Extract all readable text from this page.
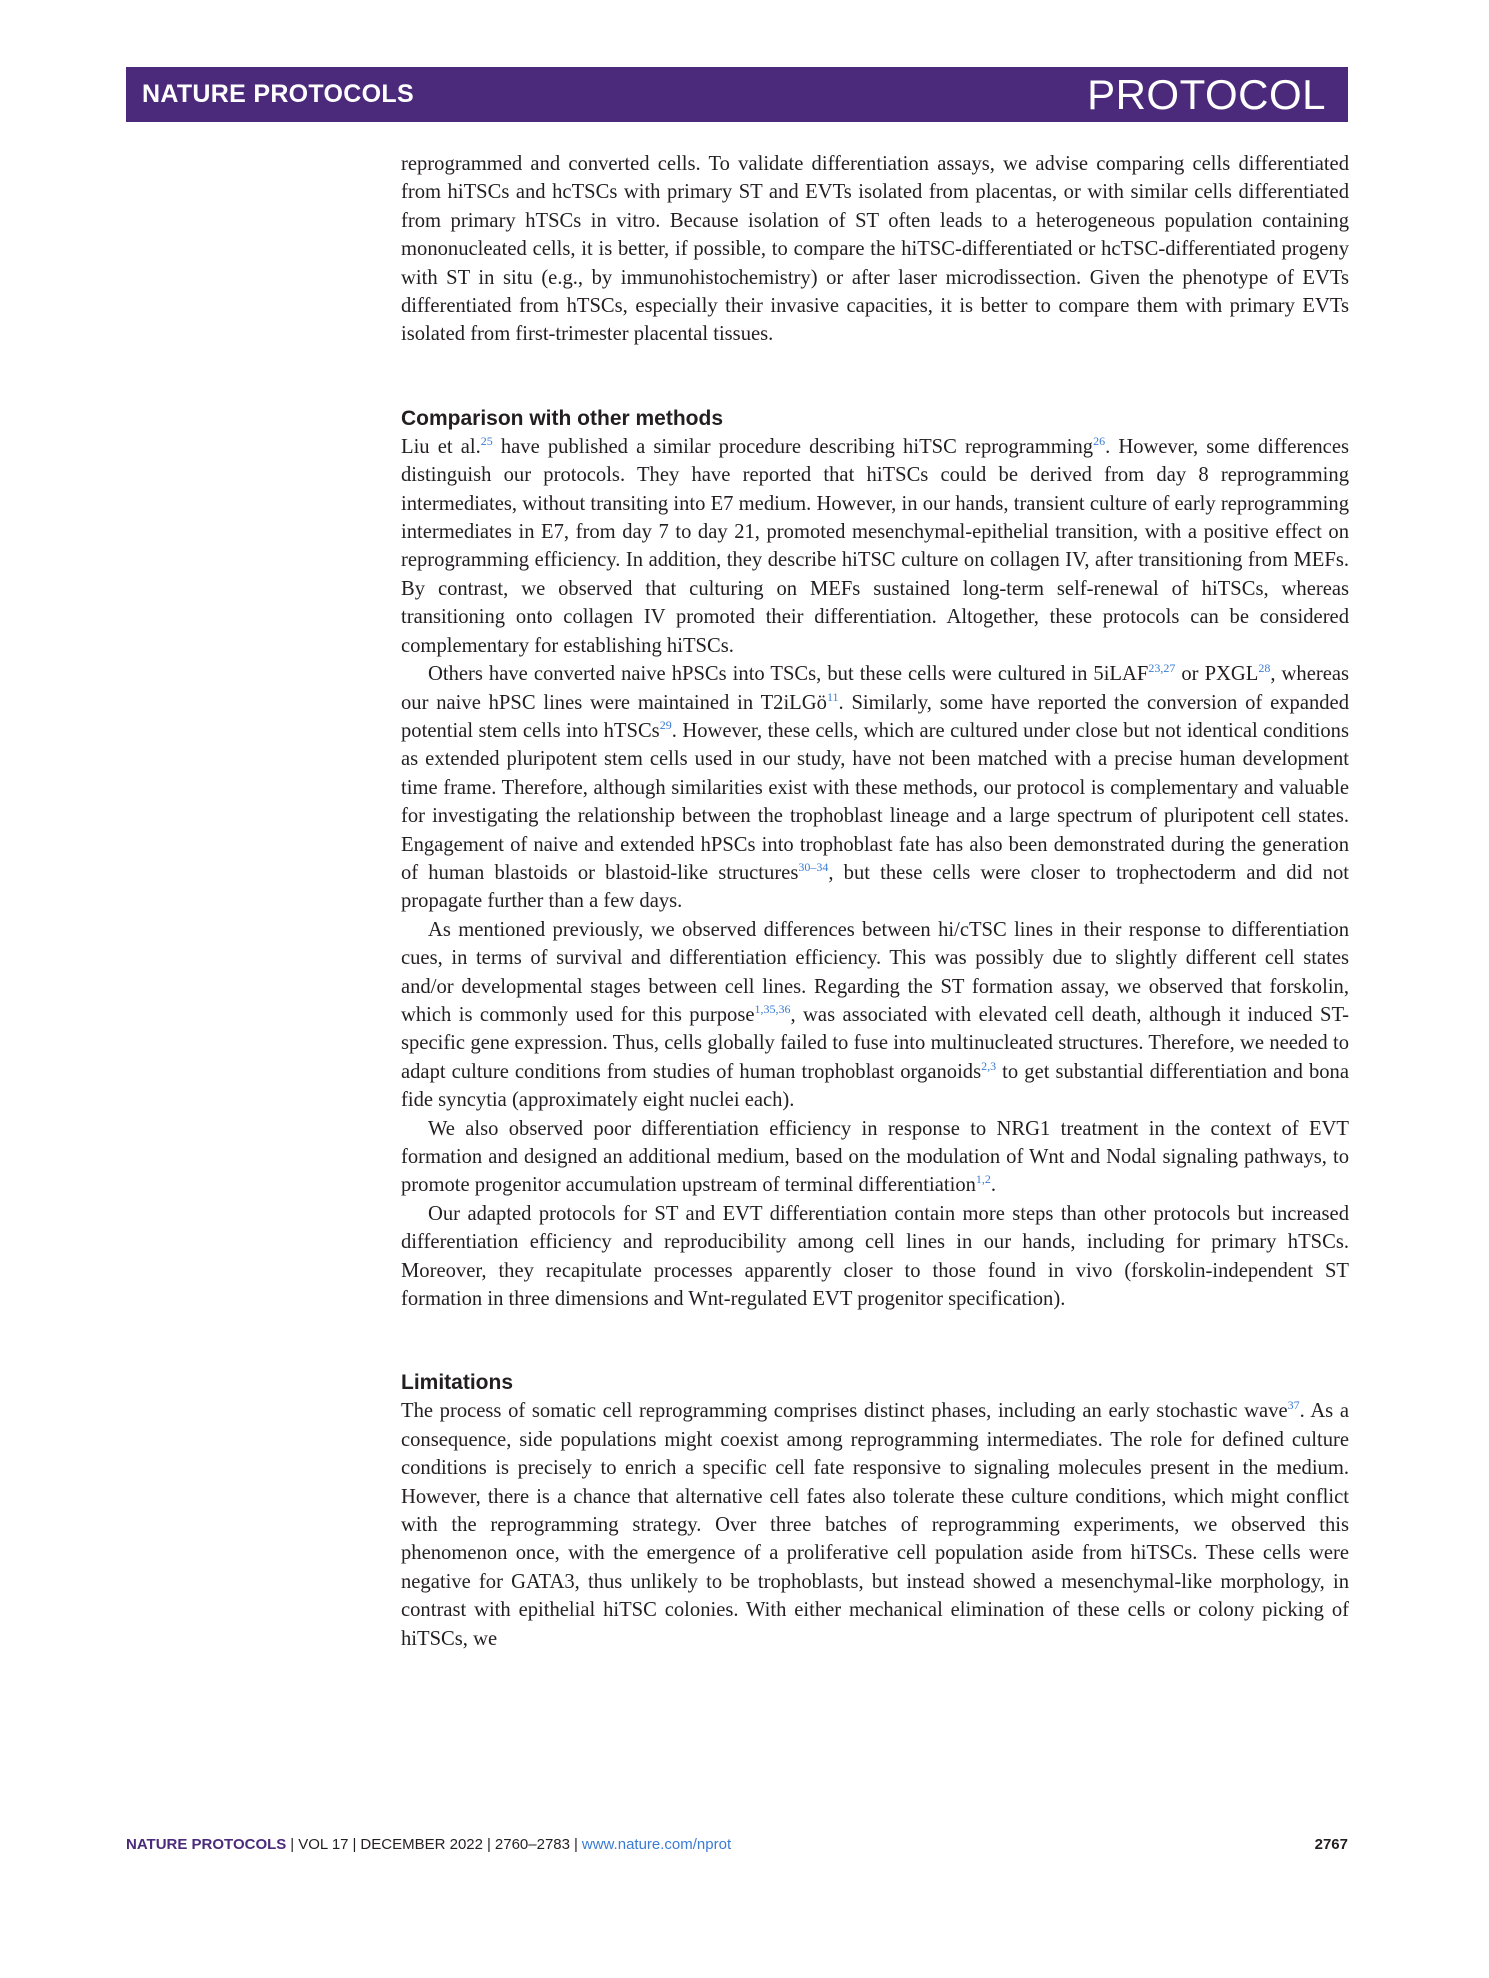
NATURE PROTOCOLS	PROTOCOL

reprogrammed and converted cells. To validate differentiation assays, we advise comparing cells differentiated from hiTSCs and hcTSCs with primary ST and EVTs isolated from placentas, or with similar cells differentiated from primary hTSCs in vitro. Because isolation of ST often leads to a heterogeneous population containing mononucleated cells, it is better, if possible, to compare the hiTSC-differentiated or hcTSC-differentiated progeny with ST in situ (e.g., by immunohistochemistry) or after laser microdissection. Given the phenotype of EVTs differentiated from hTSCs, especially their invasive capacities, it is better to compare them with primary EVTs isolated from first-trimester placental tissues.

Comparison with other methods

Liu et al.$^{25}$ have published a similar procedure describing hiTSC reprogramming$^{26}$. However, some differences distinguish our protocols. They have reported that hiTSCs could be derived from day 8 reprogramming intermediates, without transiting into E7 medium. However, in our hands, transient culture of early reprogramming intermediates in E7, from day 7 to day 21, promoted mesenchymal-epithelial transition, with a positive effect on reprogramming efficiency. In addition, they describe hiTSC culture on collagen IV, after transitioning from MEFs. By contrast, we observed that culturing on MEFs sustained long-term self-renewal of hiTSCs, whereas transitioning onto collagen IV promoted their differentiation. Altogether, these protocols can be considered complementary for establishing hiTSCs.

Others have converted naive hPSCs into TSCs, but these cells were cultured in 5iLAF$^{23,27}$ or PXGL$^{28}$, whereas our naive hPSC lines were maintained in T2iLGö$^{11}$. Similarly, some have reported the conversion of expanded potential stem cells into hTSCs$^{29}$. However, these cells, which are cultured under close but not identical conditions as extended pluripotent stem cells used in our study, have not been matched with a precise human development time frame. Therefore, although similarities exist with these methods, our protocol is complementary and valuable for investigating the relationship between the trophoblast lineage and a large spectrum of pluripotent cell states. Engagement of naive and extended hPSCs into trophoblast fate has also been demonstrated during the generation of human blastoids or blastoid-like structures$^{30-34}$, but these cells were closer to trophectoderm and did not propagate further than a few days.

As mentioned previously, we observed differences between hi/cTSC lines in their response to differentiation cues, in terms of survival and differentiation efficiency. This was possibly due to slightly different cell states and/or developmental stages between cell lines. Regarding the ST formation assay, we observed that forskolin, which is commonly used for this purpose$^{1,35,36}$, was associated with elevated cell death, although it induced ST-specific gene expression. Thus, cells globally failed to fuse into multinucleated structures. Therefore, we needed to adapt culture conditions from studies of human trophoblast organoids$^{2,3}$ to get substantial differentiation and bona fide syncytia (approximately eight nuclei each).

We also observed poor differentiation efficiency in response to NRG1 treatment in the context of EVT formation and designed an additional medium, based on the modulation of Wnt and Nodal signaling pathways, to promote progenitor accumulation upstream of terminal differentiation$^{1,2}$.

Our adapted protocols for ST and EVT differentiation contain more steps than other protocols but increased differentiation efficiency and reproducibility among cell lines in our hands, including for primary hTSCs. Moreover, they recapitulate processes apparently closer to those found in vivo (forskolin-independent ST formation in three dimensions and Wnt-regulated EVT progenitor specification).

Limitations

The process of somatic cell reprogramming comprises distinct phases, including an early stochastic wave$^{37}$. As a consequence, side populations might coexist among reprogramming intermediates. The role for defined culture conditions is precisely to enrich a specific cell fate responsive to signaling molecules present in the medium. However, there is a chance that alternative cell fates also tolerate these culture conditions, which might conflict with the reprogramming strategy. Over three batches of reprogramming experiments, we observed this phenomenon once, with the emergence of a proliferative cell population aside from hiTSCs. These cells were negative for GATA3, thus unlikely to be trophoblasts, but instead showed a mesenchymal-like morphology, in contrast with epithelial hiTSC colonies. With either mechanical elimination of these cells or colony picking of hiTSCs, we

NATURE PROTOCOLS | VOL 17 | DECEMBER 2022 | 2760–2783 | www.nature.com/nprot	2767
